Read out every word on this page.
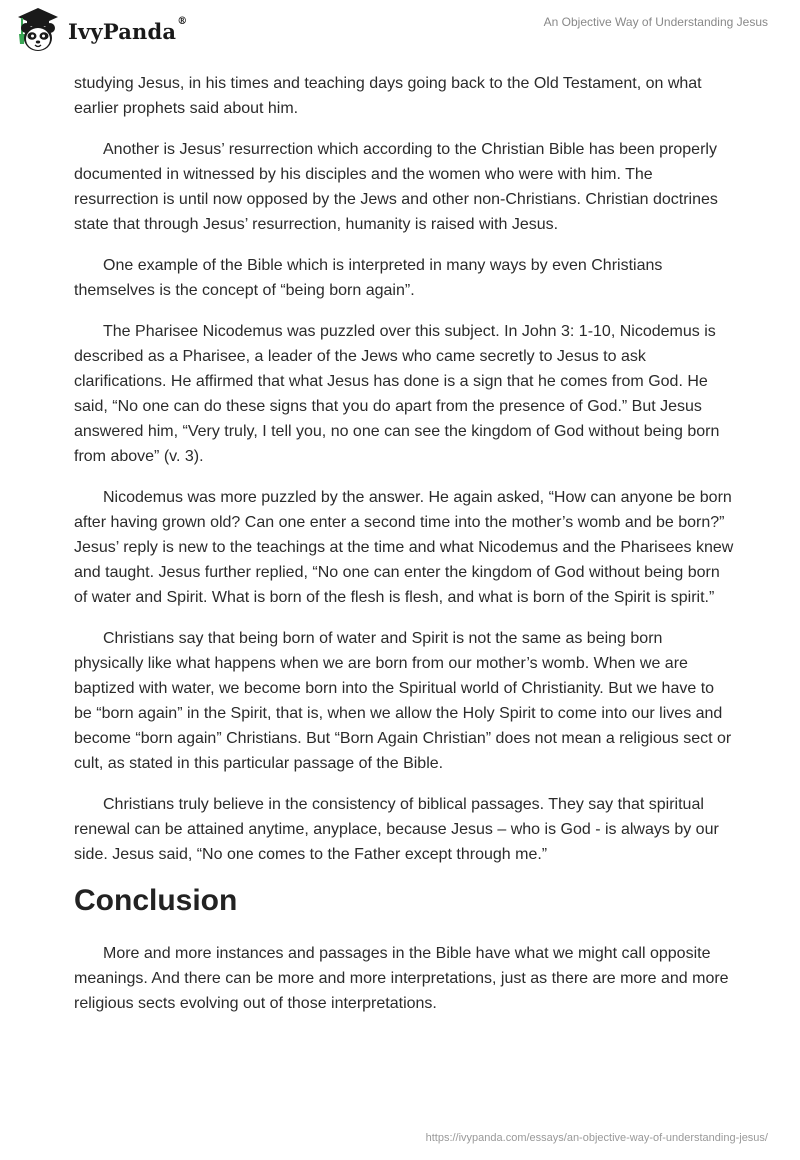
IvyPanda®	An Objective Way of Understanding Jesus

studying Jesus, in his times and teaching days going back to the Old Testament, on what earlier prophets said about him.

Another is Jesus’ resurrection which according to the Christian Bible has been properly documented in witnessed by his disciples and the women who were with him. The resurrection is until now opposed by the Jews and other non-Christians. Christian doctrines state that through Jesus’ resurrection, humanity is raised with Jesus.

One example of the Bible which is interpreted in many ways by even Christians themselves is the concept of “being born again”.

The Pharisee Nicodemus was puzzled over this subject. In John 3: 1-10, Nicodemus is described as a Pharisee, a leader of the Jews who came secretly to Jesus to ask clarifications. He affirmed that what Jesus has done is a sign that he comes from God. He said, “No one can do these signs that you do apart from the presence of God.” But Jesus answered him, “Very truly, I tell you, no one can see the kingdom of God without being born from above” (v. 3).

Nicodemus was more puzzled by the answer. He again asked, “How can anyone be born after having grown old? Can one enter a second time into the mother’s womb and be born?” Jesus’ reply is new to the teachings at the time and what Nicodemus and the Pharisees knew and taught. Jesus further replied, “No one can enter the kingdom of God without being born of water and Spirit. What is born of the flesh is flesh, and what is born of the Spirit is spirit.”

Christians say that being born of water and Spirit is not the same as being born physically like what happens when we are born from our mother’s womb. When we are baptized with water, we become born into the Spiritual world of Christianity. But we have to be “born again” in the Spirit, that is, when we allow the Holy Spirit to come into our lives and become “born again” Christians. But “Born Again Christian” does not mean a religious sect or cult, as stated in this particular passage of the Bible.

Christians truly believe in the consistency of biblical passages. They say that spiritual renewal can be attained anytime, anyplace, because Jesus – who is God - is always by our side. Jesus said, “No one comes to the Father except through me.”

Conclusion

More and more instances and passages in the Bible have what we might call opposite meanings. And there can be more and more interpretations, just as there are more and more religious sects evolving out of those interpretations.

https://ivypanda.com/essays/an-objective-way-of-understanding-jesus/
